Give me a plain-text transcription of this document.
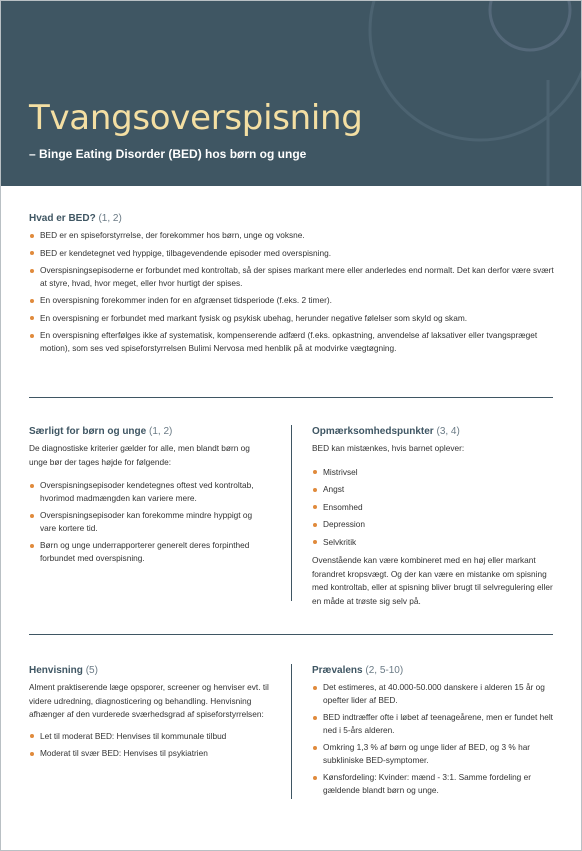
Tvangsoverspisning
– Binge Eating Disorder (BED) hos børn og unge
Hvad er BED? (1, 2)
BED er en spiseforstyrrelse, der forekommer hos børn, unge og voksne.
BED er kendetegnet ved hyppige, tilbagevendende episoder med overspisning.
Overspisningsepisoderne er forbundet med kontroltab, så der spises markant mere eller anderledes end normalt. Det kan derfor være svært at styre, hvad, hvor meget, eller hvor hurtigt der spises.
En overspisning forekommer inden for en afgrænset tidsperiode (f.eks. 2 timer).
En overspisning er forbundet med markant fysisk og psykisk ubehag, herunder negative følelser som skyld og skam.
En overspisning efterfølges ikke af systematisk, kompenserende adfærd (f.eks. opkastning, anvendelse af laksativer eller tvangspræget motion), som ses ved spiseforstyrrelsen Bulimi Nervosa med henblik på at modvirke vægtøgning.
Særligt for børn og unge (1, 2)
De diagnostiske kriterier gælder for alle, men blandt børn og unge bør der tages højde for følgende:
Overspisningsepisoder kendetegnes oftest ved kontroltab, hvorimod madmængden kan variere mere.
Overspisningsepisoder kan forekomme mindre hyppigt og vare kortere tid.
Børn og unge underrapporterer generelt deres forpinthed forbundet med overspisning.
Opmærksomhedspunkter (3, 4)
BED kan mistænkes, hvis barnet oplever:
Mistrivsel
Angst
Ensomhed
Depression
Selvkritik
Ovenstående kan være kombineret med en høj eller markant forandret kropsvægt. Og der kan være en mistanke om spisning med kontroltab, eller at spisning bliver brugt til selvregulering eller en måde at trøste sig selv på.
Henvisning (5)
Alment praktiserende læge opsporer, screener og henviser evt. til videre udredning, diagnosticering og behandling. Henvisning afhænger af den vurderede sværhedsgrad af spiseforstyrrelsen:
Let til moderat BED: Henvises til kommunale tilbud
Moderat til svær BED: Henvises til psykiatrien
Prævalens (2, 5-10)
Det estimeres, at 40.000-50.000 danskere i alderen 15 år og opefter lider af BED.
BED indtræffer ofte i løbet af teenageårene, men er fundet helt ned i 5-års alderen.
Omkring 1,3 % af børn og unge lider af BED, og 3 % har subkliniske BED-symptomer.
Kønsfordeling: Kvinder: mænd - 3:1. Samme fordeling er gældende blandt børn og unge.
